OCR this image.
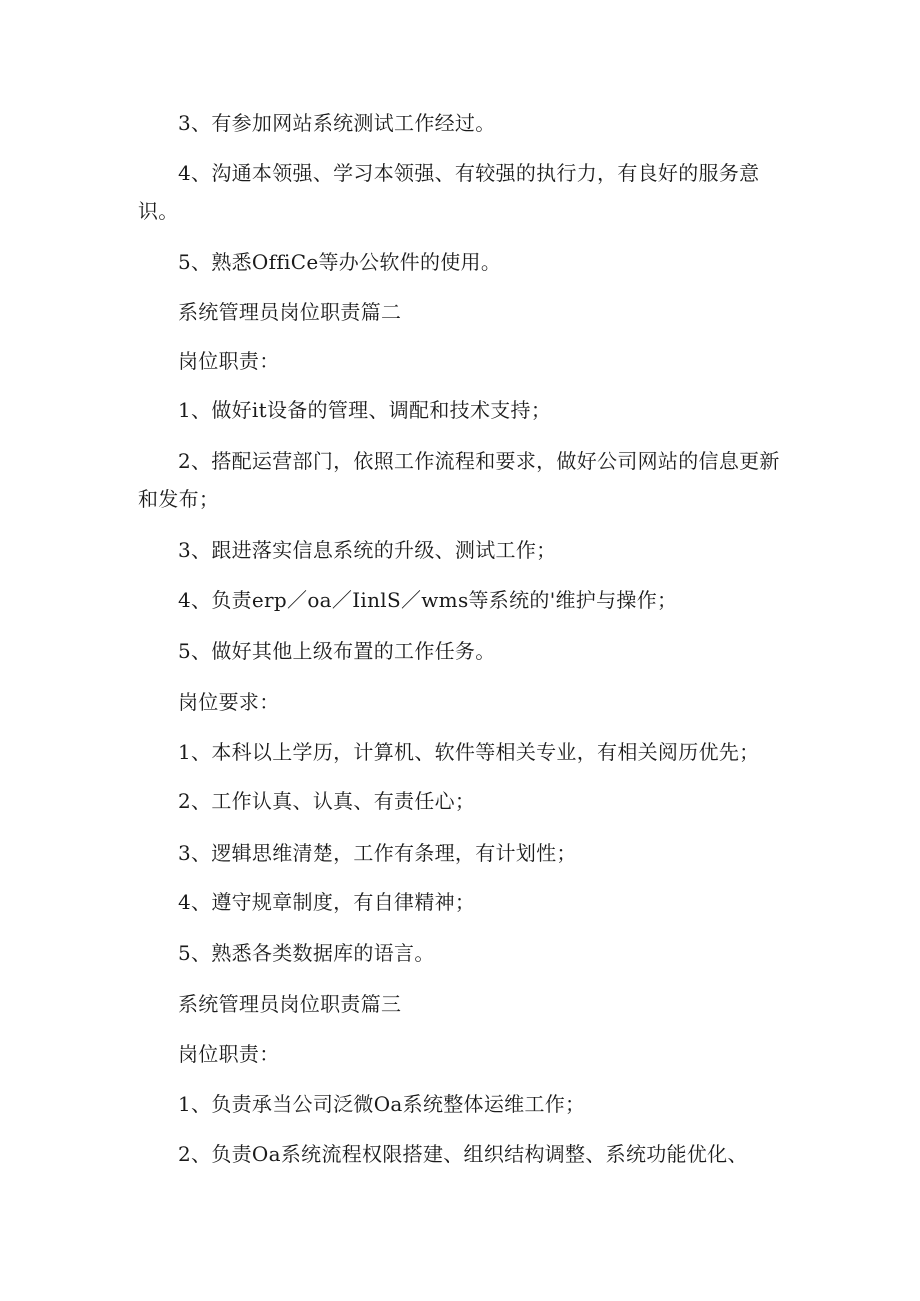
3、有参加网站系统测试工作经过。

4、沟通本领强、学习本领强、有较强的执行力，有良好的服务意识。

5、熟悉OffiCe等办公软件的使用。

系统管理员岗位职责篇二

岗位职责：

1、做好it设备的管理、调配和技术支持；

2、搭配运营部门，依照工作流程和要求，做好公司网站的信息更新和发布；

3、跟进落实信息系统的升级、测试工作；

4、负责erp／oa／IinlS／wms等系统的'维护与操作；

5、做好其他上级布置的工作任务。

岗位要求：

1、本科以上学历，计算机、软件等相关专业，有相关阅历优先；

2、工作认真、认真、有责任心；

3、逻辑思维清楚，工作有条理，有计划性；

4、遵守规章制度，有自律精神；

5、熟悉各类数据库的语言。

系统管理员岗位职责篇三

岗位职责：

1、负责承当公司泛微Oa系统整体运维工作；

2、负责Oa系统流程权限搭建、组织结构调整、系统功能优化、
